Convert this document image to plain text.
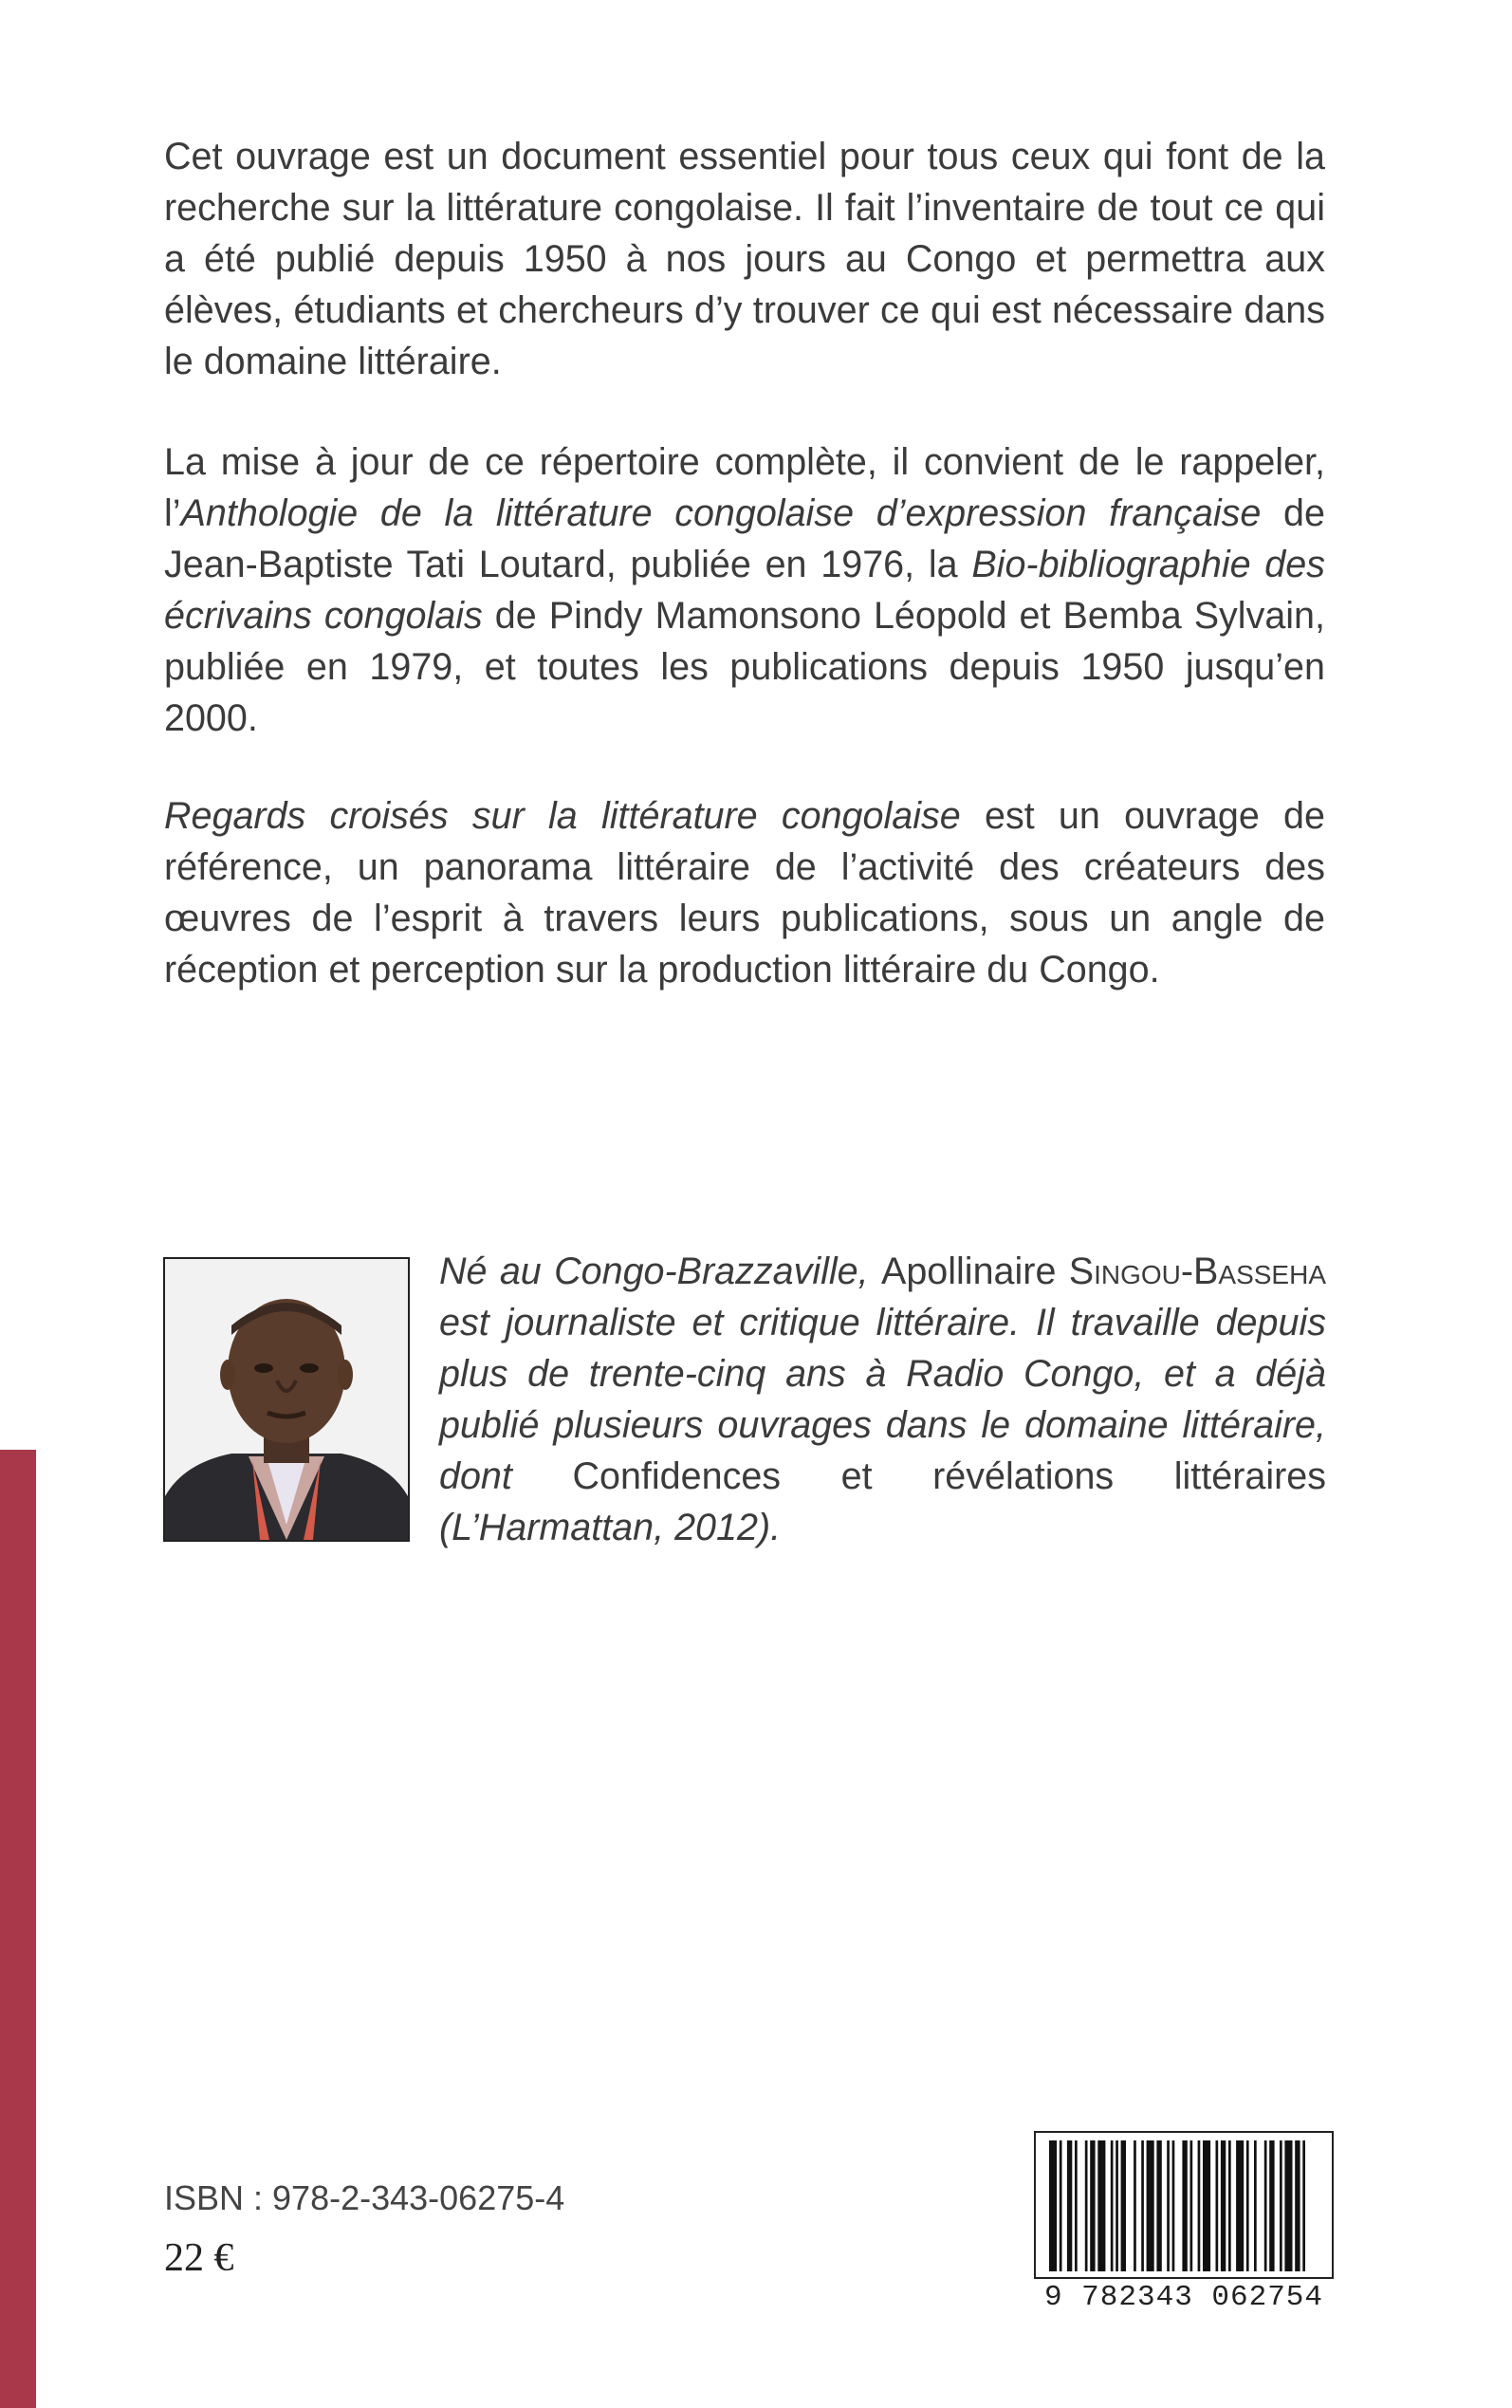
Cet ouvrage est un document essentiel pour tous ceux qui font de la recherche sur la littérature congolaise. Il fait l’inventaire de tout ce qui a été publié depuis 1950 à nos jours au Congo et permettra aux élèves, étudiants et chercheurs d’y trouver ce qui est nécessaire dans le domaine littéraire.

La mise à jour de ce répertoire complète, il convient de le rappeler, l’Anthologie de la littérature congolaise d’expression française de Jean-Baptiste Tati Loutard, publiée en 1976, la Bio-bibliographie des écrivains congolais de Pindy Mamonsono Léopold et Bemba Sylvain, publiée en 1979, et toutes les publications depuis 1950 jusqu’en 2000.

Regards croisés sur la littérature congolaise est un ouvrage de référence, un panorama littéraire de l’activité des créateurs des œuvres de l’esprit à travers leurs publications, sous un angle de réception et perception sur la production littéraire du Congo.

Né au Congo-Brazzaville, Apollinaire Singou-Basseha est journaliste et critique littéraire. Il travaille depuis plus de trente-cinq ans à Radio Congo, et a déjà publié plusieurs ouvrages dans le domaine littéraire, dont Confidences et révélations littéraires (L’Harmattan, 2012).
ISBN : 978-2-343-06275-4
22 €
9 782343 062754
